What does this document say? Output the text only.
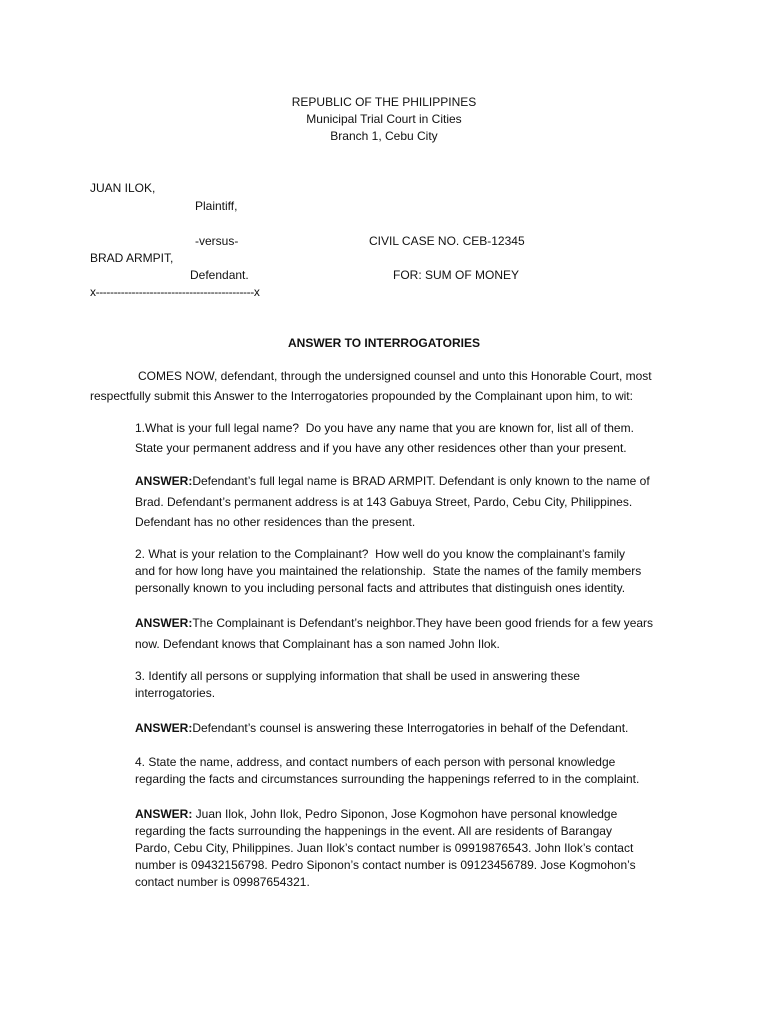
REPUBLIC OF THE PHILIPPINES
Municipal Trial Court in Cities
Branch 1, Cebu City
JUAN ILOK,
Plaintiff,
-versus-	CIVIL CASE NO. CEB-12345
BRAD ARMPIT,
Defendant.	FOR: SUM OF MONEY
x--------------------------------------------x
ANSWER TO INTERROGATORIES
COMES NOW, defendant, through the undersigned counsel and unto this Honorable Court, most
respectfully submit this Answer to the Interrogatories propounded by the Complainant upon him, to wit:
1.What is your full legal name?  Do you have any name that you are known for, list all of them.
State your permanent address and if you have any other residences other than your present.
ANSWER:Defendant’s full legal name is BRAD ARMPIT. Defendant is only known to the name of
Brad. Defendant’s permanent address is at 143 Gabuya Street, Pardo, Cebu City, Philippines.
Defendant has no other residences than the present.
2. What is your relation to the Complainant?  How well do you know the complainant’s family
and for how long have you maintained the relationship.  State the names of the family members
personally known to you including personal facts and attributes that distinguish ones identity.
ANSWER:The Complainant is Defendant’s neighbor.They have been good friends for a few years
now. Defendant knows that Complainant has a son named John Ilok.
3. Identify all persons or supplying information that shall be used in answering these
interrogatories.
ANSWER:Defendant’s counsel is answering these Interrogatories in behalf of the Defendant.
4. State the name, address, and contact numbers of each person with personal knowledge
regarding the facts and circumstances surrounding the happenings referred to in the complaint.
ANSWER: Juan Ilok, John Ilok, Pedro Siponon, Jose Kogmohon have personal knowledge
regarding the facts surrounding the happenings in the event. All are residents of Barangay
Pardo, Cebu City, Philippines. Juan Ilok’s contact number is 09919876543. John Ilok’s contact
number is 09432156798. Pedro Siponon’s contact number is 09123456789. Jose Kogmohon’s
contact number is 09987654321.
